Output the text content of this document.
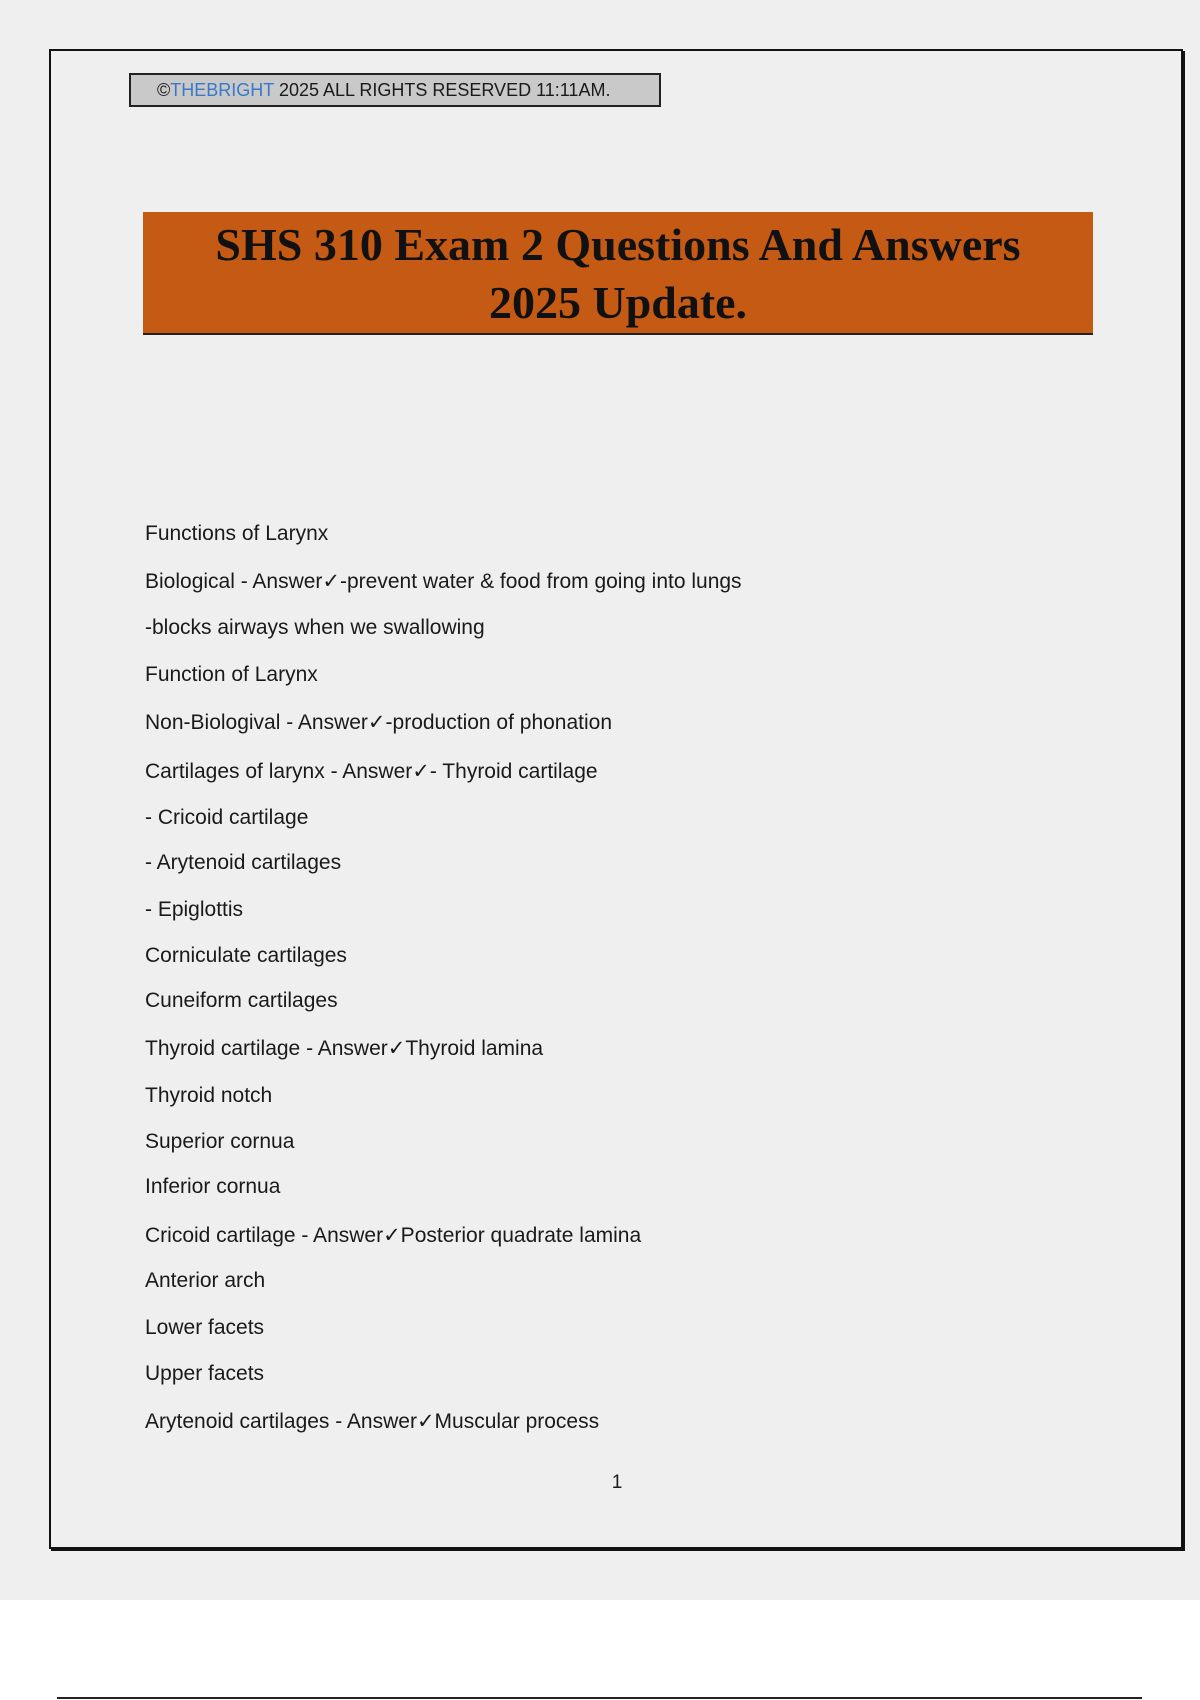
©THEBRIGHT 2025 ALL RIGHTS RESERVED 11:11AM.
SHS 310 Exam 2 Questions And Answers
2025 Update.
Functions of Larynx
Biological - Answer✓-prevent water & food from going into lungs
-blocks airways when we swallowing
Function of Larynx
Non-Biologival - Answer✓-production of phonation
Cartilages of larynx - Answer✓- Thyroid cartilage
- Cricoid cartilage
- Arytenoid cartilages
- Epiglottis
Corniculate cartilages
Cuneiform cartilages
Thyroid cartilage - Answer✓Thyroid lamina
Thyroid notch
Superior cornua
Inferior cornua
Cricoid cartilage - Answer✓Posterior quadrate lamina
Anterior arch
Lower facets
Upper facets
Arytenoid cartilages - Answer✓Muscular process
1
